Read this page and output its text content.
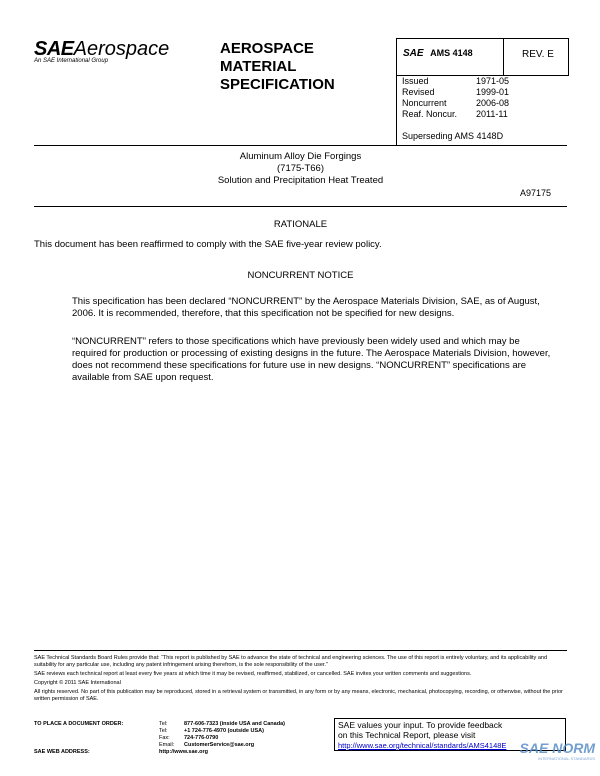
SAEAerospace
An SAE International Group
AEROSPACE
MATERIAL
SPECIFICATION
SAE AMS 4148	REV. E
Issued	1971-05
Revised	1999-01
Noncurrent	2006-08
Reaf. Noncur.	2011-11
Superseding AMS 4148D
Aluminum Alloy Die Forgings
(7175-T66)
Solution and Precipitation Heat Treated
A97175
RATIONALE
This document has been reaffirmed to comply with the SAE five-year review policy.
NONCURRENT NOTICE
This specification has been declared “NONCURRENT” by the Aerospace Materials Division, SAE, as of August, 2006. It is recommended, therefore, that this specification not be specified for new designs.
“NONCURRENT” refers to those specifications which have previously been widely used and which may be required for production or processing of existing designs in the future. The Aerospace Materials Division, however, does not recommend these specifications for future use in new designs. “NONCURRENT” specifications are available from SAE upon request.
SAE Technical Standards Board Rules provide that: “This report is published by SAE to advance the state of technical and engineering sciences. The use of this report is entirely voluntary, and its applicability and suitability for any particular use, including any patent infringement arising therefrom, is the sole responsibility of the user.”
SAE reviews each technical report at least every five years at which time it may be revised, reaffirmed, stabilized, or cancelled. SAE invites your written comments and suggestions.
Copyright © 2011 SAE International
All rights reserved. No part of this publication may be reproduced, stored in a retrieval system or transmitted, in any form or by any means, electronic, mechanical, photocopying, recording, or otherwise, without the prior written permission of SAE.
TO PLACE A DOCUMENT ORDER:	Tel:	877-606-7323 (inside USA and Canada)
Tel:	+1 724-776-4970 (outside USA)
Fax:	724-776-0790
Email:	CustomerService@sae.org
SAE WEB ADDRESS:	http://www.sae.org
SAE values your input. To provide feedback
on this Technical Report, please visit
http://www.sae.org/technical/standards/AMS4148E SAE NORM
INTERNATIONAL STANDARDS
